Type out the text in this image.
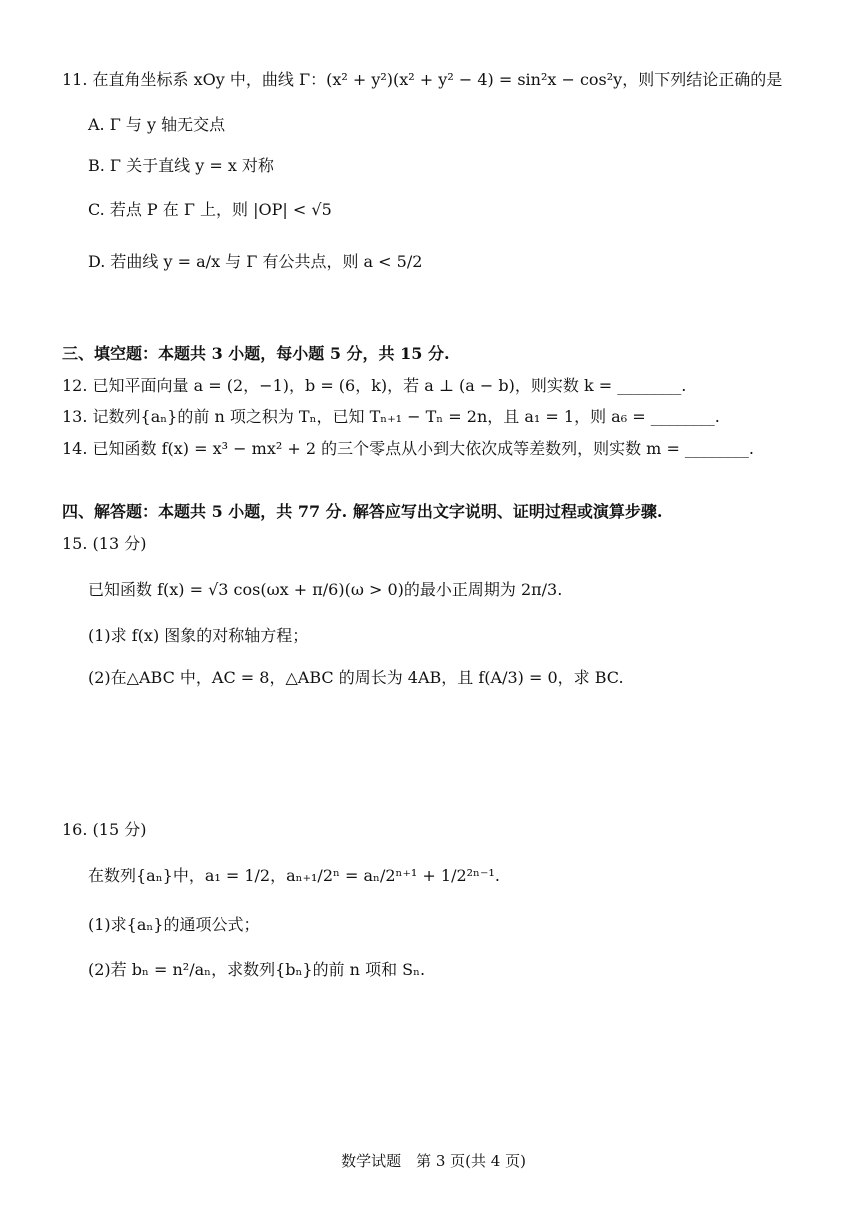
11. 在直角坐标系 xOy 中，曲线 Γ：(x² + y²)(x² + y² − 4) = sin²x − cos²y，则下列结论正确的是
A. Γ 与 y 轴无交点
B. Γ 关于直线 y = x 对称
C. 若点 P 在 Γ 上，则 |OP| < √5
D. 若曲线 y = a/x 与 Γ 有公共点，则 a < 5/2
三、填空题：本题共 3 小题，每小题 5 分，共 15 分.
12. 已知平面向量 a = (2，−1)，b = (6，k)，若 a ⊥ (a − b)，则实数 k = ________.
13. 记数列{aₙ}的前 n 项之积为 Tₙ，已知 Tₙ₊₁ − Tₙ = 2n，且 a₁ = 1，则 a₆ = ________.
14. 已知函数 f(x) = x³ − mx² + 2 的三个零点从小到大依次成等差数列，则实数 m = ________.
四、解答题：本题共 5 小题，共 77 分. 解答应写出文字说明、证明过程或演算步骤.
15. (13 分)
已知函数 f(x) = √3 cos(ωx + π/6)(ω > 0)的最小正周期为 2π/3.
(1)求 f(x) 图象的对称轴方程；
(2)在△ABC 中，AC = 8，△ABC 的周长为 4AB，且 f(A/3) = 0，求 BC.
16. (15 分)
在数列{aₙ}中，a₁ = 1/2，aₙ₊₁/2ⁿ = aₙ/2ⁿ⁺¹ + 1/2²ⁿ⁻¹.
(1)求{aₙ}的通项公式；
(2)若 bₙ = n²/aₙ，求数列{bₙ}的前 n 项和 Sₙ.
数学试题　第 3 页(共 4 页)
